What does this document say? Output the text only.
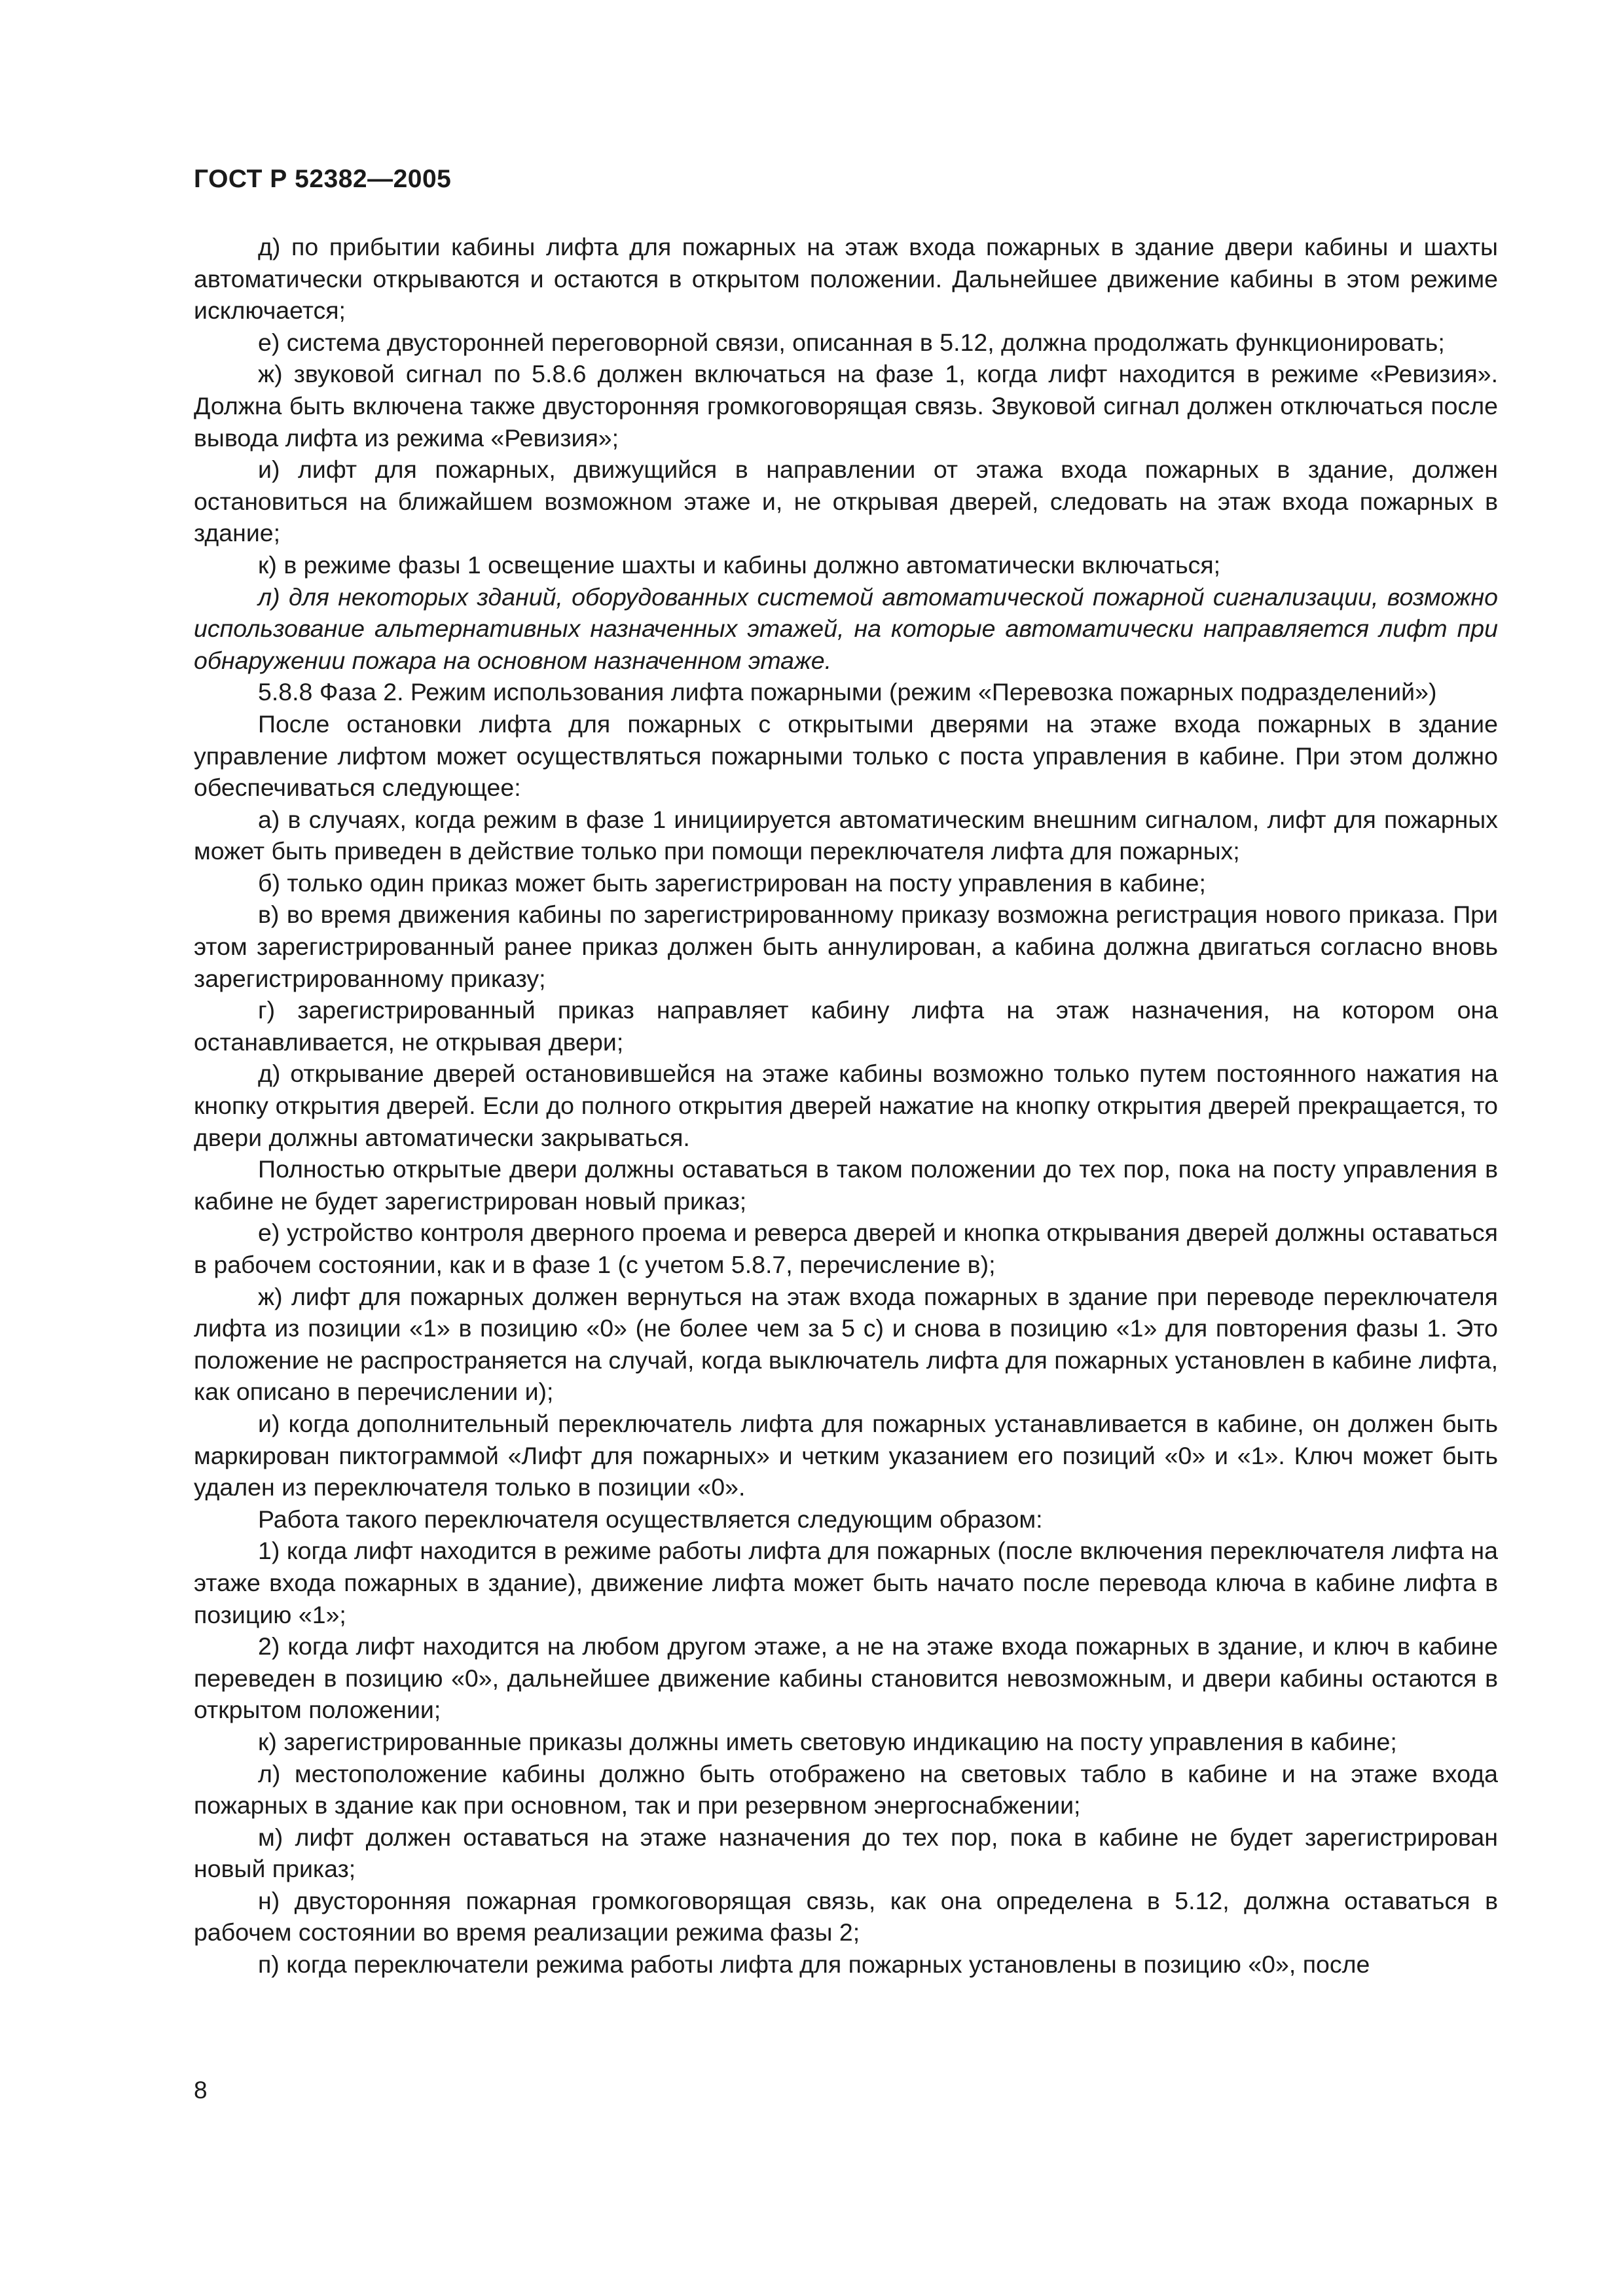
ГОСТ Р 52382—2005

д) по прибытии кабины лифта для пожарных на этаж входа пожарных в здание двери кабины и шахты автоматически открываются и остаются в открытом положении. Дальнейшее движение кабины в этом режиме исключается;

е) система двусторонней переговорной связи, описанная в 5.12, должна продолжать функционировать;

ж) звуковой сигнал по 5.8.6 должен включаться на фазе 1, когда лифт находится в режиме «Ревизия». Должна быть включена также двусторонняя громкоговорящая связь. Звуковой сигнал должен отключаться после вывода лифта из режима «Ревизия»;

и) лифт для пожарных, движущийся в направлении от этажа входа пожарных в здание, должен остановиться на ближайшем возможном этаже и, не открывая дверей, следовать на этаж входа пожарных в здание;

к) в режиме фазы 1 освещение шахты и кабины должно автоматически включаться;

л) для некоторых зданий, оборудованных системой автоматической пожарной сигнализации, возможно использование альтернативных назначенных этажей, на которые автоматически направляется лифт при обнаружении пожара на основном назначенном этаже.

5.8.8 Фаза 2. Режим использования лифта пожарными (режим «Перевозка пожарных подразделений»)

После остановки лифта для пожарных с открытыми дверями на этаже входа пожарных в здание управление лифтом может осуществляться пожарными только с поста управления в кабине. При этом должно обеспечиваться следующее:

а) в случаях, когда режим в фазе 1 инициируется автоматическим внешним сигналом, лифт для пожарных может быть приведен в действие только при помощи переключателя лифта для пожарных;

б) только один приказ может быть зарегистрирован на посту управления в кабине;

в) во время движения кабины по зарегистрированному приказу возможна регистрация нового приказа. При этом зарегистрированный ранее приказ должен быть аннулирован, а кабина должна двигаться согласно вновь зарегистрированному приказу;

г) зарегистрированный приказ направляет кабину лифта на этаж назначения, на котором она останавливается, не открывая двери;

д) открывание дверей остановившейся на этаже кабины возможно только путем постоянного нажатия на кнопку открытия дверей. Если до полного открытия дверей нажатие на кнопку открытия дверей прекращается, то двери должны автоматически закрываться.

Полностью открытые двери должны оставаться в таком положении до тех пор, пока на посту управления в кабине не будет зарегистрирован новый приказ;

е) устройство контроля дверного проема и реверса дверей и кнопка открывания дверей должны оставаться в рабочем состоянии, как и в фазе 1 (с учетом 5.8.7, перечисление в);

ж) лифт для пожарных должен вернуться на этаж входа пожарных в здание при переводе переключателя лифта из позиции «1» в позицию «0» (не более чем за 5 с) и снова в позицию «1» для повторения фазы 1. Это положение не распространяется на случай, когда выключатель лифта для пожарных установлен в кабине лифта, как описано в перечислении и);

и) когда дополнительный переключатель лифта для пожарных устанавливается в кабине, он должен быть маркирован пиктограммой «Лифт для пожарных» и четким указанием его позиций «0» и «1». Ключ может быть удален из переключателя только в позиции «0».

Работа такого переключателя осуществляется следующим образом:

1) когда лифт находится в режиме работы лифта для пожарных (после включения переключателя лифта на этаже входа пожарных в здание), движение лифта может быть начато после перевода ключа в кабине лифта в позицию «1»;

2) когда лифт находится на любом другом этаже, а не на этаже входа пожарных в здание, и ключ в кабине переведен в позицию «0», дальнейшее движение кабины становится невозможным, и двери кабины остаются в открытом положении;

к) зарегистрированные приказы должны иметь световую индикацию на посту управления в кабине;

л) местоположение кабины должно быть отображено на световых табло в кабине и на этаже входа пожарных в здание как при основном, так и при резервном энергоснабжении;

м) лифт должен оставаться на этаже назначения до тех пор, пока в кабине не будет зарегистрирован новый приказ;

н) двусторонняя пожарная громкоговорящая связь, как она определена в 5.12, должна оставаться в рабочем состоянии во время реализации режима фазы 2;

п) когда переключатели режима работы лифта для пожарных установлены в позицию «0», после

8
